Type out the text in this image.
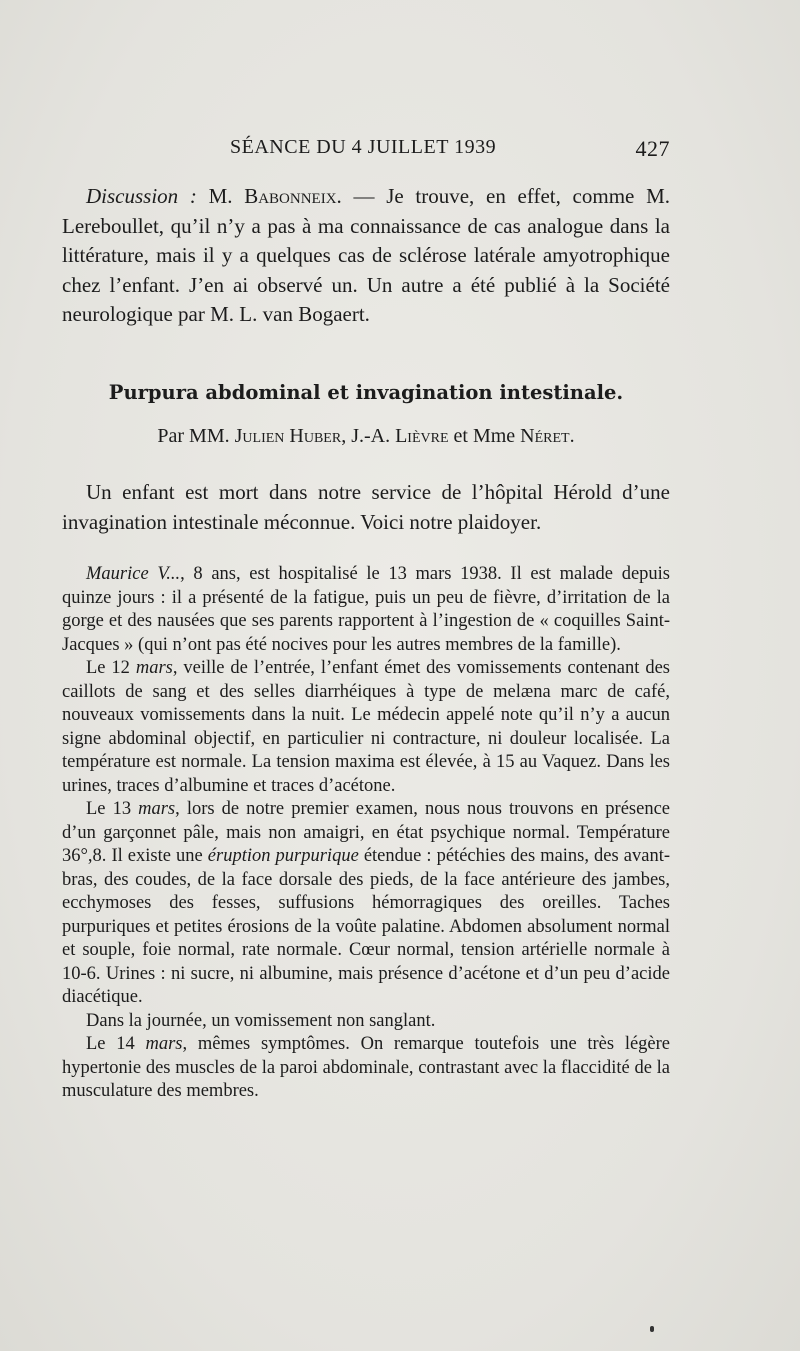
SÉANCE DU 4 JUILLET 1939	427

Discussion : M. Babonneix. — Je trouve, en effet, comme M. Lereboullet, qu’il n’y a pas à ma connaissance de cas analogue dans la littérature, mais il y a quelques cas de sclérose latérale amyotrophique chez l’enfant. J’en ai observé un. Un autre a été publié à la Société neurologique par M. L. van Bogaert.

Purpura abdominal et invagination intestinale.
Par MM. Julien Huber, J.-A. Lièvre et Mme Néret.

Un enfant est mort dans notre service de l’hôpital Hérold d’une invagination intestinale méconnue. Voici notre plaidoyer.

Maurice V..., 8 ans, est hospitalisé le 13 mars 1938. Il est malade depuis quinze jours : il a présenté de la fatigue, puis un peu de fièvre, d’irritation de la gorge et des nausées que ses parents rapportent à l’ingestion de « coquilles Saint-Jacques » (qui n’ont pas été nocives pour les autres membres de la famille).

Le 12 mars, veille de l’entrée, l’enfant émet des vomissements contenant des caillots de sang et des selles diarrhéiques à type de melæna marc de café, nouveaux vomissements dans la nuit. Le médecin appelé note qu’il n’y a aucun signe abdominal objectif, en particulier ni contracture, ni douleur localisée. La température est normale. La tension maxima est élevée, à 15 au Vaquez. Dans les urines, traces d’albumine et traces d’acétone.

Le 13 mars, lors de notre premier examen, nous nous trouvons en présence d’un garçonnet pâle, mais non amaigri, en état psychique normal. Température 36°,8. Il existe une éruption purpurique étendue : pétéchies des mains, des avant-bras, des coudes, de la face dorsale des pieds, de la face antérieure des jambes, ecchymoses des fesses, suffusions hémorragiques des oreilles. Taches purpuriques et petites érosions de la voûte palatine. Abdomen absolument normal et souple, foie normal, rate normale. Cœur normal, tension artérielle normale à 10-6. Urines : ni sucre, ni albumine, mais présence d’acétone et d’un peu d’acide diacétique.

Dans la journée, un vomissement non sanglant.

Le 14 mars, mêmes symptômes. On remarque toutefois une très légère hypertonie des muscles de la paroi abdominale, contrastant avec la flaccidité de la musculature des membres.
